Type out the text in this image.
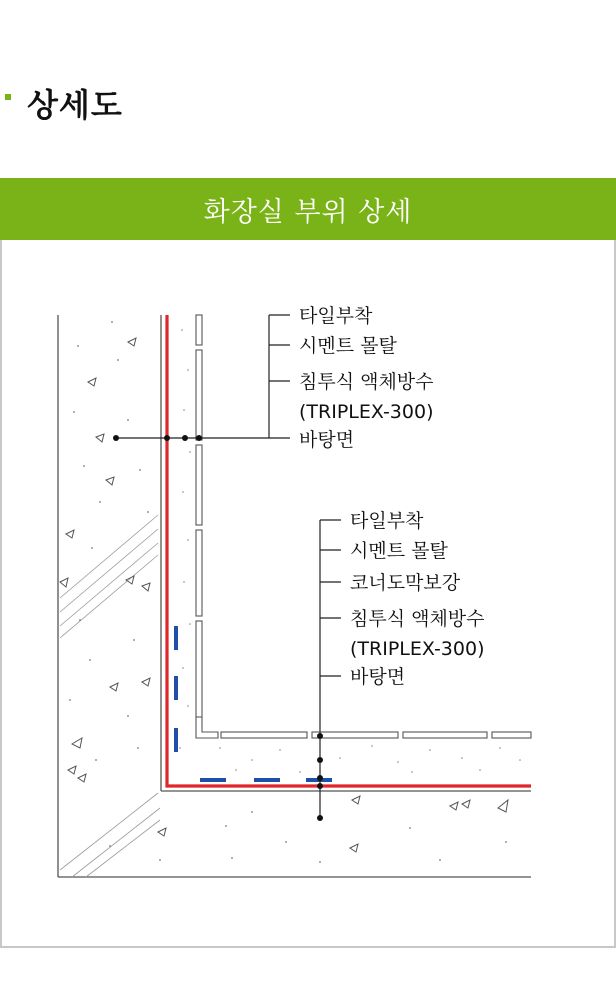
상세도
화장실 부위 상세
타일부착
시멘트 몰탈
침투식 액체방수
(TRIPLEX-300)
바탕면
타일부착
시멘트 몰탈
코너도막보강
침투식 액체방수
(TRIPLEX-300)
바탕면
